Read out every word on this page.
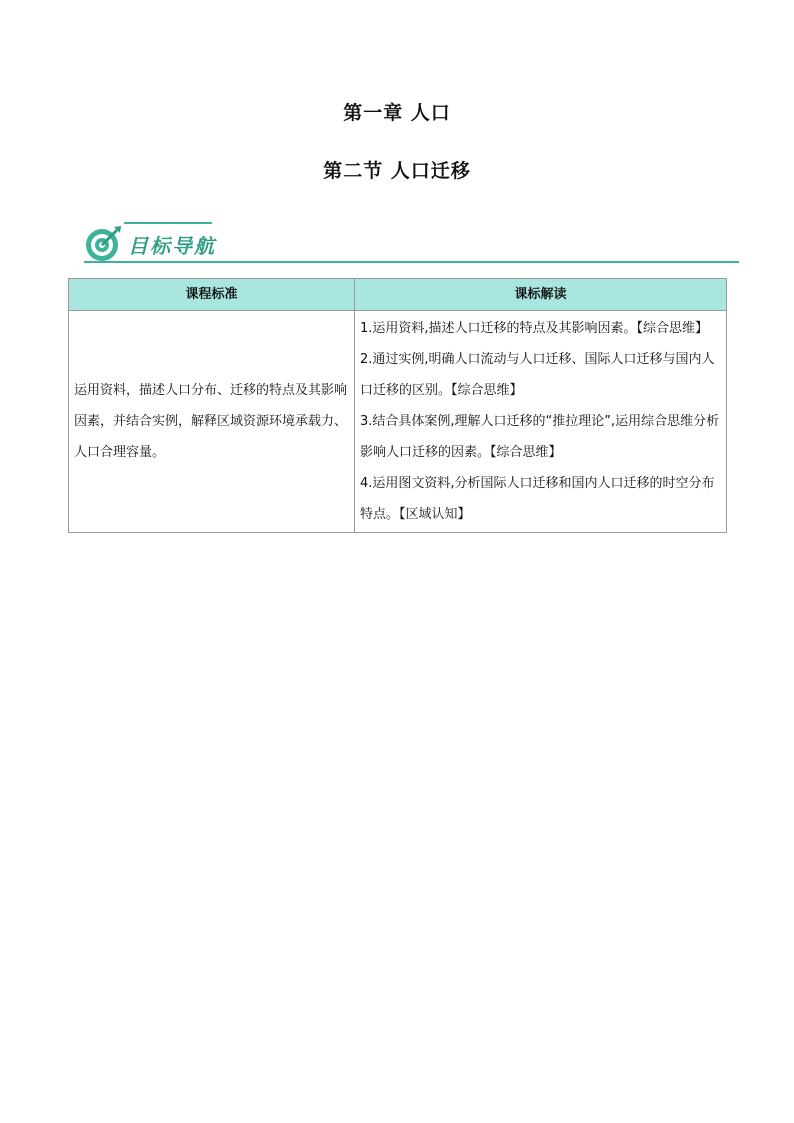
第一章 人口
第二节 人口迁移
目标导航
课程标准	课标解读
运用资料，描述人口分布、迁移的特点及其影响因素，并结合实例，解释区域资源环境承载力、人口合理容量。	1.运用资料,描述人口迁移的特点及其影响因素。【综合思维】
2.通过实例,明确人口流动与人口迁移、国际人口迁移与国内人口迁移的区别。【综合思维】
3.结合具体案例,理解人口迁移的“推拉理论”,运用综合思维分析影响人口迁移的因素。【综合思维】
4.运用图文资料,分析国际人口迁移和国内人口迁移的时空分布特点。【区域认知】
